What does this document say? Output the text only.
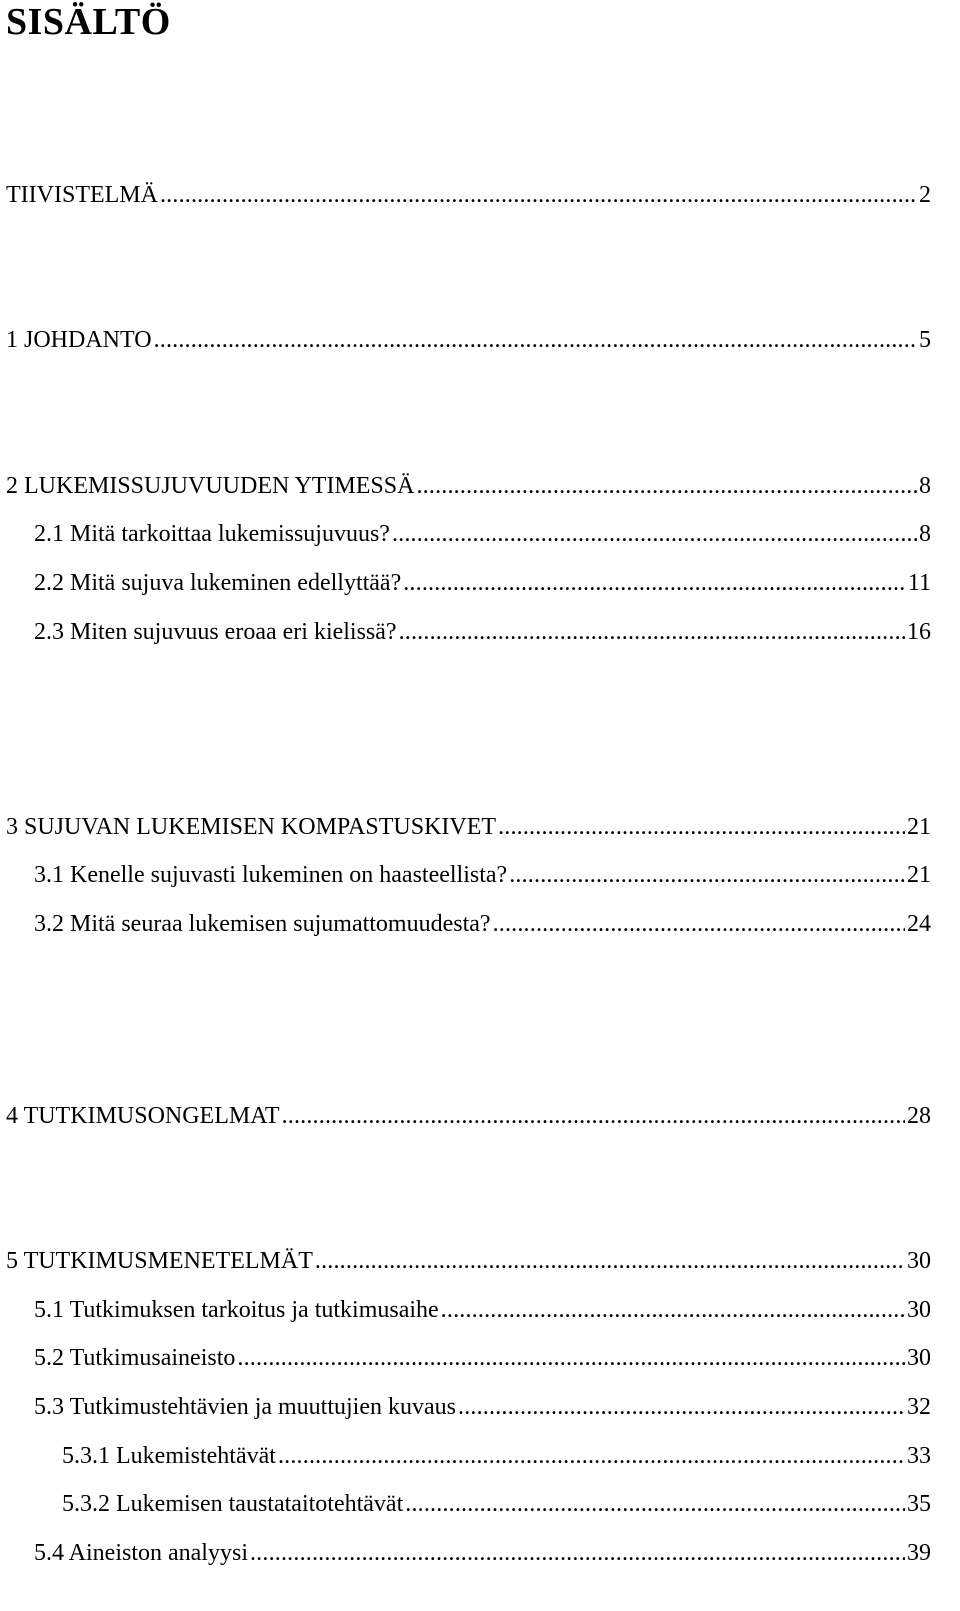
SISÄLTÖ
TIIVISTELMÄ .....	2
1 JOHDANTO .....	5
2 LUKEMISSUJUVUUDEN YTIMESSÄ .....	8
2.1 Mitä tarkoittaa lukemissujuvuus? .....	8
2.2 Mitä sujuva lukeminen edellyttää? .....	11
2.3 Miten sujuvuus eroaa eri kielissä? .....	16
3 SUJUVAN LUKEMISEN KOMPASTUSKIVET .....	21
3.1 Kenelle sujuvasti lukeminen on haasteellista? .....	21
3.2 Mitä seuraa lukemisen sujumattomuudesta? .....	24
4 TUTKIMUSONGELMAT .....	28
5 TUTKIMUSMENETELMÄT .....	30
5.1 Tutkimuksen tarkoitus ja tutkimusaihe .....	30
5.2 Tutkimusaineisto .....	30
5.3 Tutkimustehtävien ja muuttujien kuvaus .....	32
5.3.1 Lukemistehtävät .....	33
5.3.2 Lukemisen taustataitotehtävät .....	35
5.4 Aineiston analyysi .....	39
